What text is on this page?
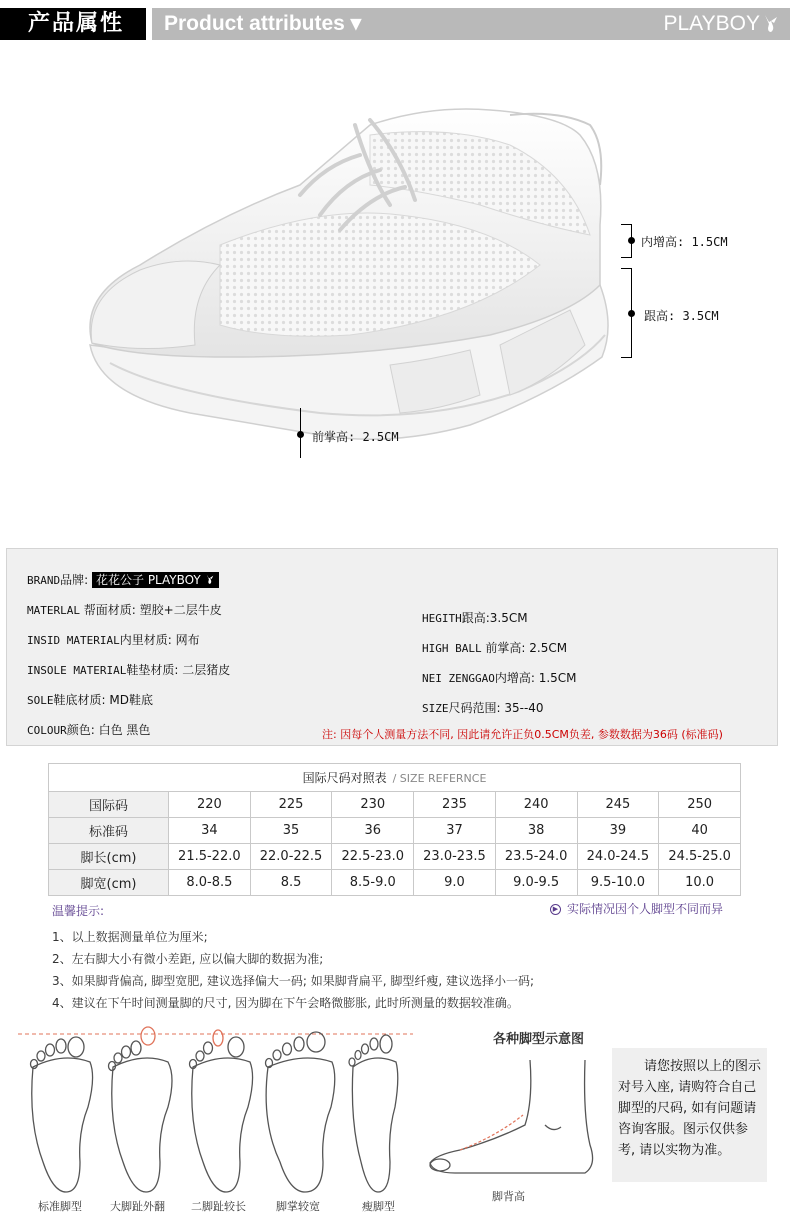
产品属性	Product attributes ▾	PLAYBOY
内增高: 1.5CM
跟高: 3.5CM
前掌高: 2.5CM
BRAND品牌: 花花公子 PLAYBOY
MATERLAL 帮面材质: 塑胶+二层牛皮
INSID MATERIAL内里材质: 网布
INSOLE MATERIAL鞋垫材质: 二层猪皮
SOLE鞋底材质: MD鞋底
COLOUR颜色: 白色 黑色
HEGITH跟高:3.5CM
HIGH BALL 前掌高: 2.5CM
NEI ZENGGAO内增高: 1.5CM
SIZE尺码范围: 35--40
注: 因每个人测量方法不同, 因此请允许正负0.5CM负差, 参数数据为36码 (标准码)
国际尺码对照表 / SIZE REFERNCE							
国际码	220	225	230	235	240	245	250
标准码	34	35	36	37	38	39	40
脚长(cm)	21.5-22.0	22.0-22.5	22.5-23.0	23.0-23.5	23.5-24.0	24.0-24.5	24.5-25.0
脚宽(cm)	8.0-8.5	8.5	8.5-9.0	9.0	9.0-9.5	9.5-10.0	10.0
温馨提示:	▶ 实际情况因个人脚型不同而异
1、以上数据测量单位为厘米;
2、左右脚大小有微小差距, 应以偏大脚的数据为准;
3、如果脚背偏高, 脚型宽肥, 建议选择偏大一码; 如果脚背扁平, 脚型纤瘦, 建议选择小一码;
4、建议在下午时间测量脚的尺寸, 因为脚在下午会略微膨胀, 此时所测量的数据较准确。
标准脚型	大脚趾外翻 二脚趾较长	脚掌较宽	瘦脚型
各种脚型示意图
脚背高
请您按照以上的图示对号入座, 请购符合自己脚型的尺码, 如有问题请咨询客服。图示仅供参考, 请以实物为准。
